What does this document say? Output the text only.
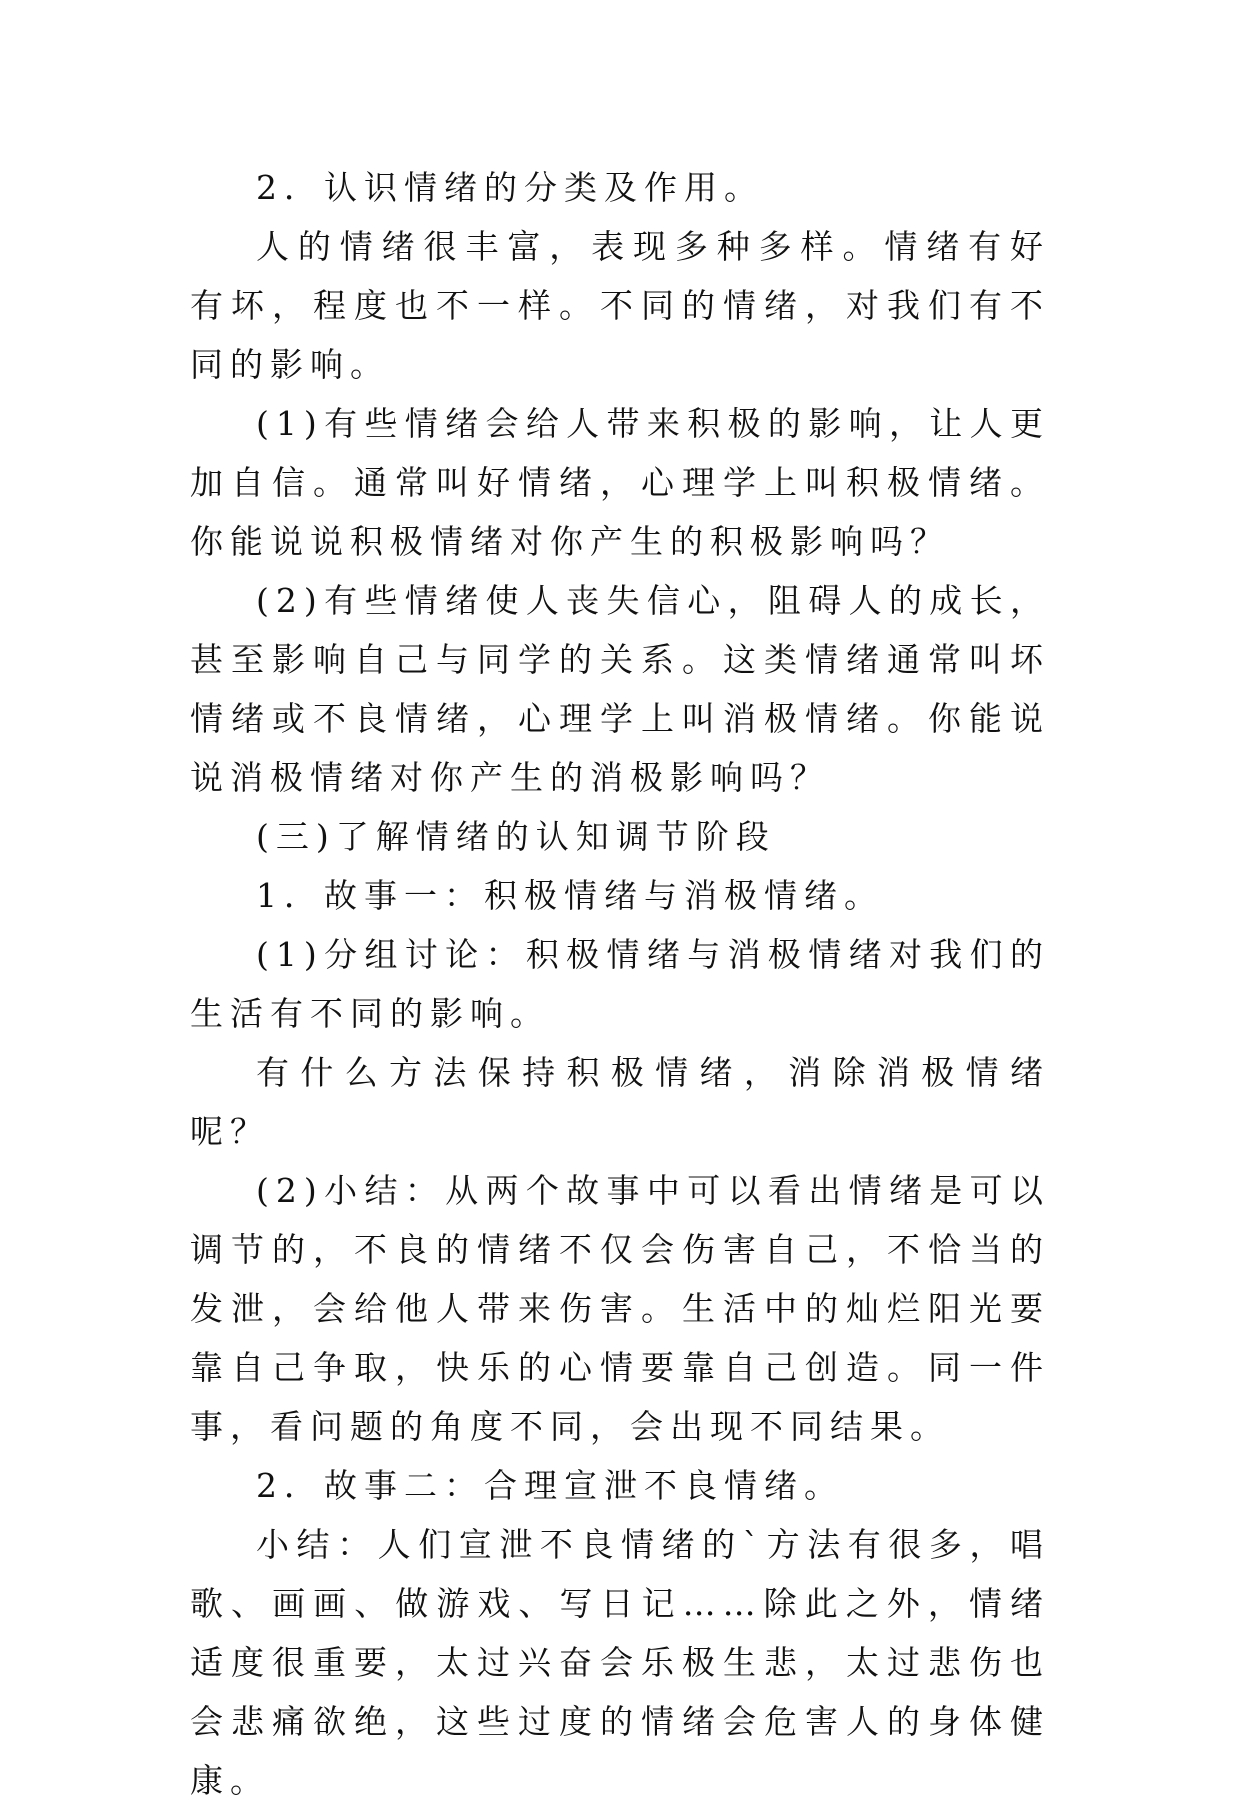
2．认识情绪的分类及作用。

人的情绪很丰富，表现多种多样。情绪有好有坏，程度也不一样。不同的情绪，对我们有不同的影响。

(1)有些情绪会给人带来积极的影响，让人更加自信。通常叫好情绪，心理学上叫积极情绪。你能说说积极情绪对你产生的积极影响吗？

(2)有些情绪使人丧失信心，阻碍人的成长，甚至影响自己与同学的关系。这类情绪通常叫坏情绪或不良情绪，心理学上叫消极情绪。你能说说消极情绪对你产生的消极影响吗？

(三)了解情绪的认知调节阶段

1．故事一：积极情绪与消极情绪。

(1)分组讨论：积极情绪与消极情绪对我们的生活有不同的影响。

有什么方法保持积极情绪，消除消极情绪呢？

(2)小结：从两个故事中可以看出情绪是可以调节的，不良的情绪不仅会伤害自己，不恰当的发泄，会给他人带来伤害。生活中的灿烂阳光要靠自己争取，快乐的心情要靠自己创造。同一件事，看问题的角度不同，会出现不同结果。

2．故事二：合理宣泄不良情绪。

小结：人们宣泄不良情绪的`方法有很多，唱歌、画画、做游戏、写日记……除此之外，情绪适度很重要，太过兴奋会乐极生悲，太过悲伤也会悲痛欲绝，这些过度的情绪会危害人的身体健康。
